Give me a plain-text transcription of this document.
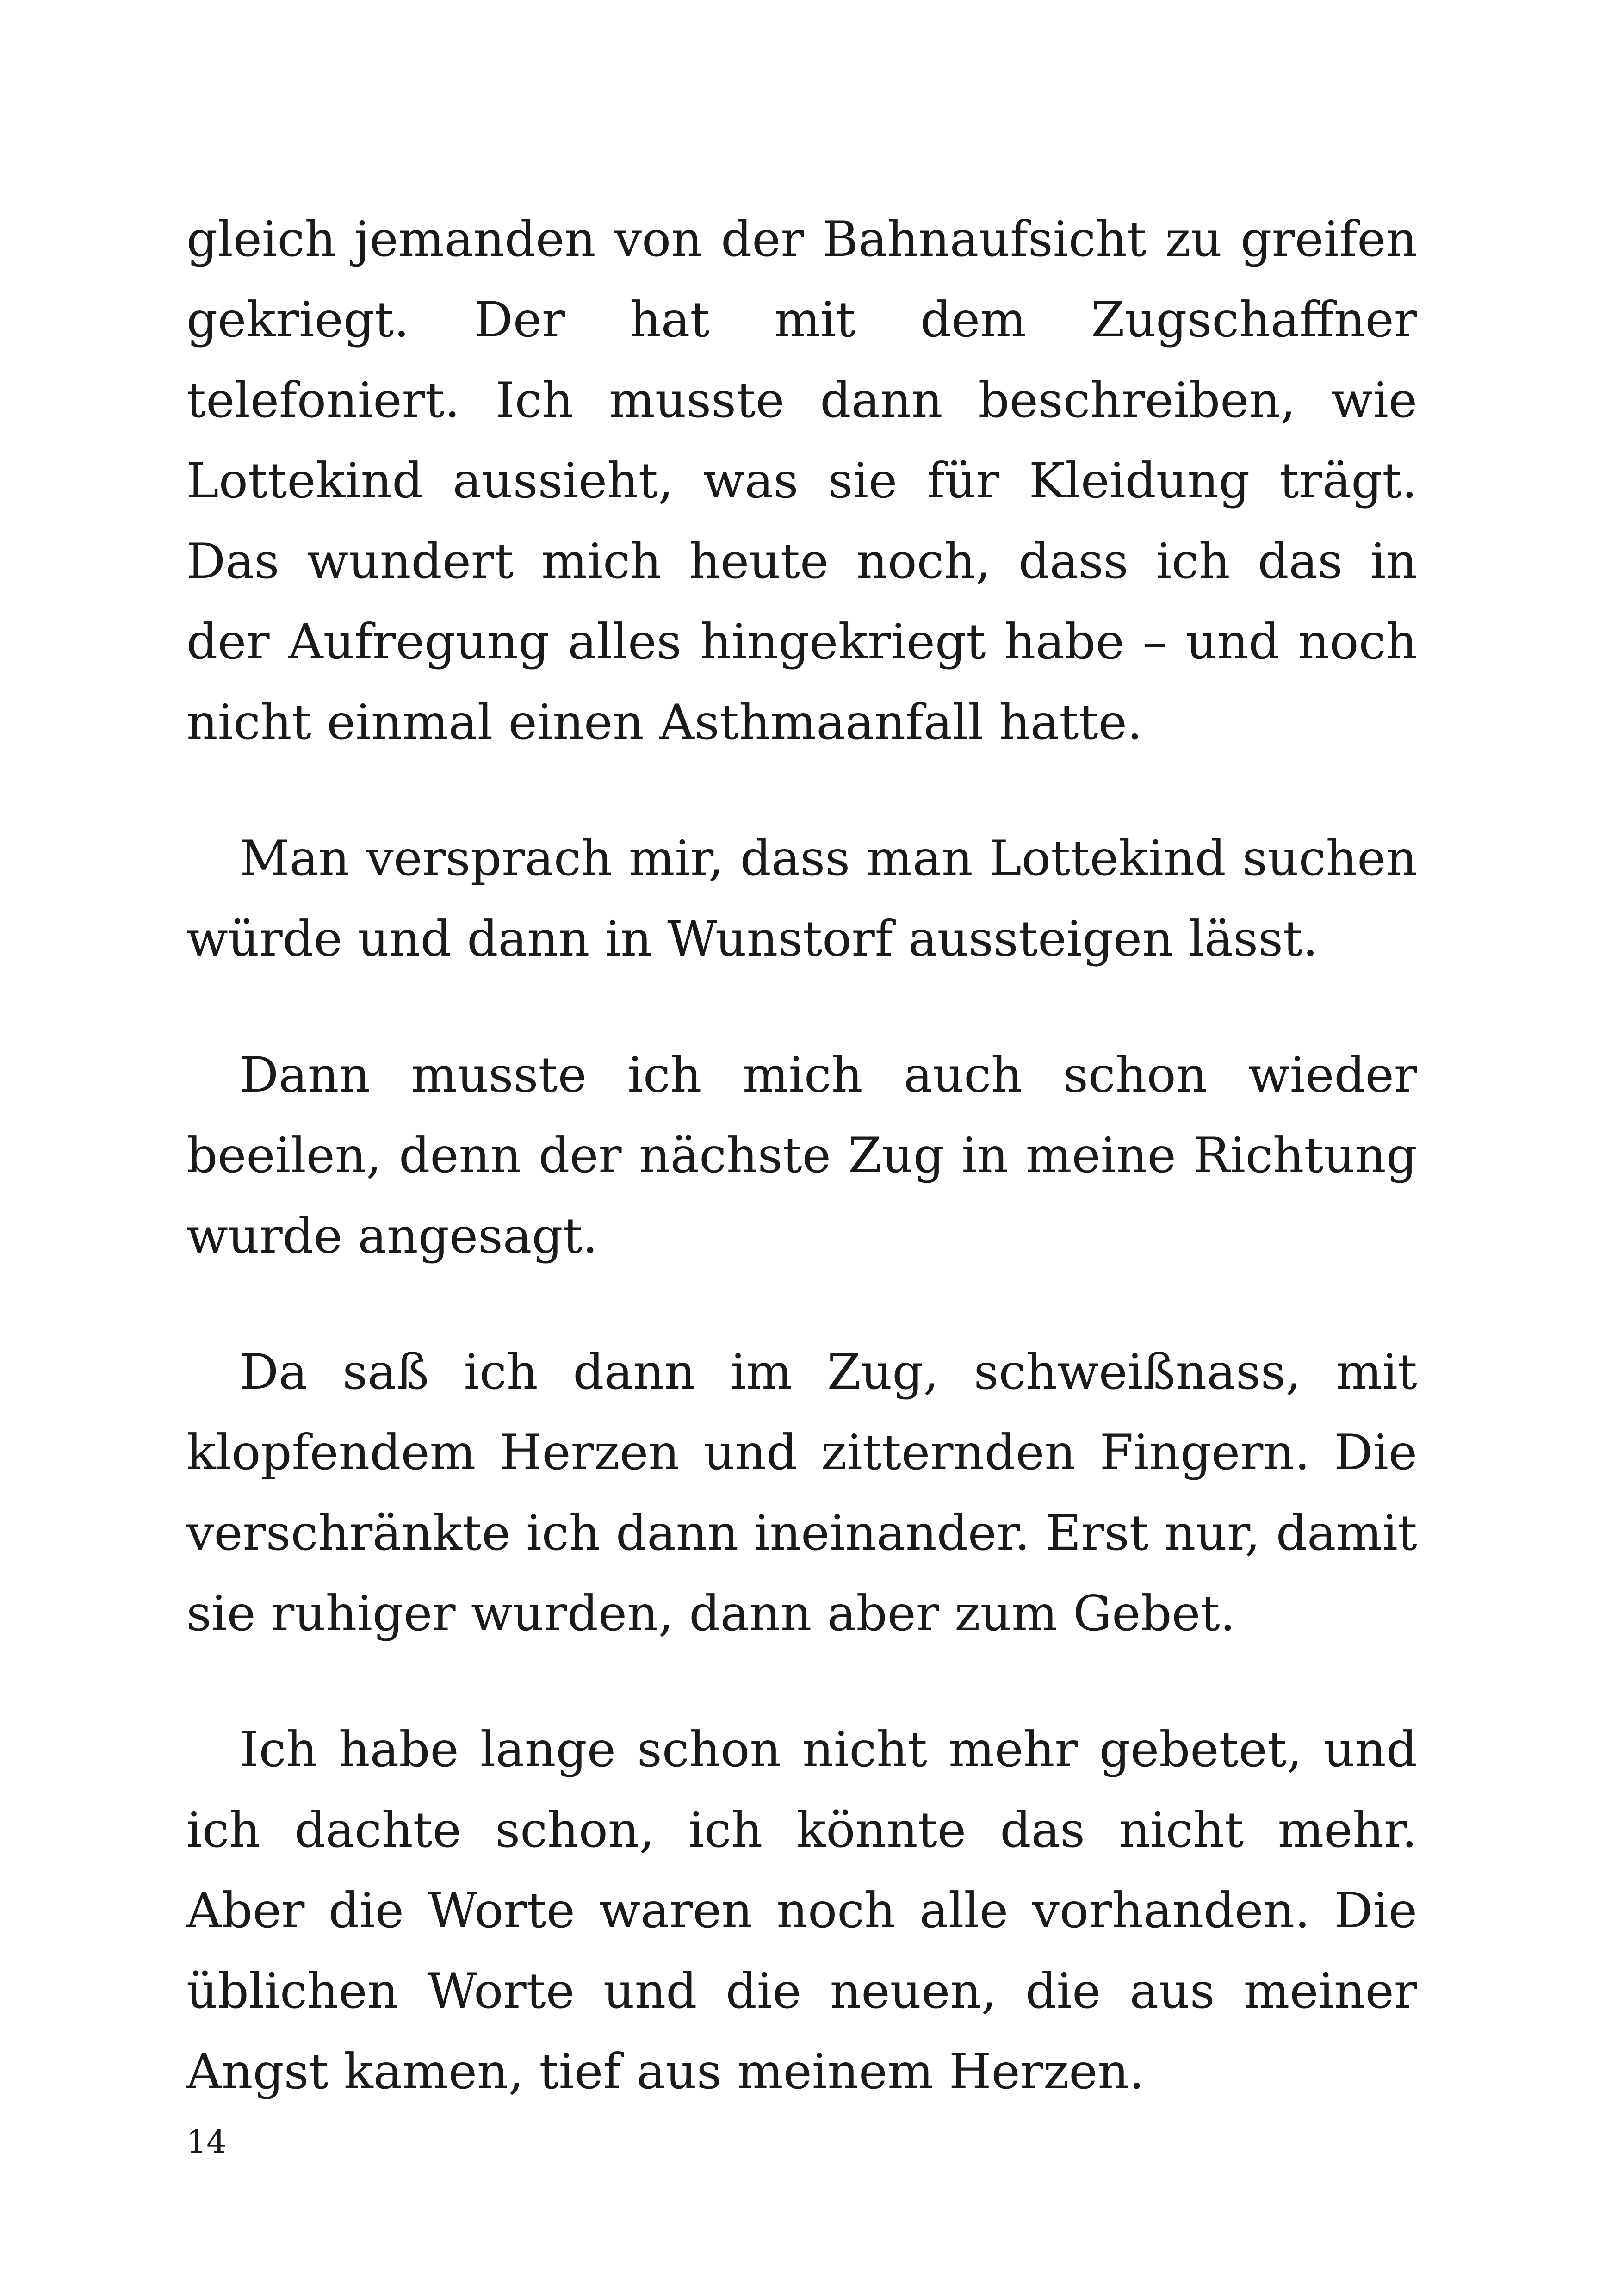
gleich jemanden von der Bahnaufsicht zu greifen gekriegt. Der hat mit dem Zugschaffner telefoniert. Ich musste dann beschreiben, wie Lottekind aussieht, was sie für Kleidung trägt. Das wundert mich heute noch, dass ich das in der Aufregung alles hingekriegt habe – und noch nicht einmal einen Asthmaanfall hatte.

Man versprach mir, dass man Lottekind suchen würde und dann in Wunstorf aussteigen lässt.

Dann musste ich mich auch schon wieder beeilen, denn der nächste Zug in meine Richtung wurde angesagt.

Da saß ich dann im Zug, schweißnass, mit klopfendem Herzen und zitternden Fingern. Die verschränkte ich dann ineinander. Erst nur, damit sie ruhiger wurden, dann aber zum Gebet.

Ich habe lange schon nicht mehr gebetet, und ich dachte schon, ich könnte das nicht mehr. Aber die Worte waren noch alle vorhanden. Die üblichen Worte und die neuen, die aus meiner Angst kamen, tief aus meinem Herzen.

14
